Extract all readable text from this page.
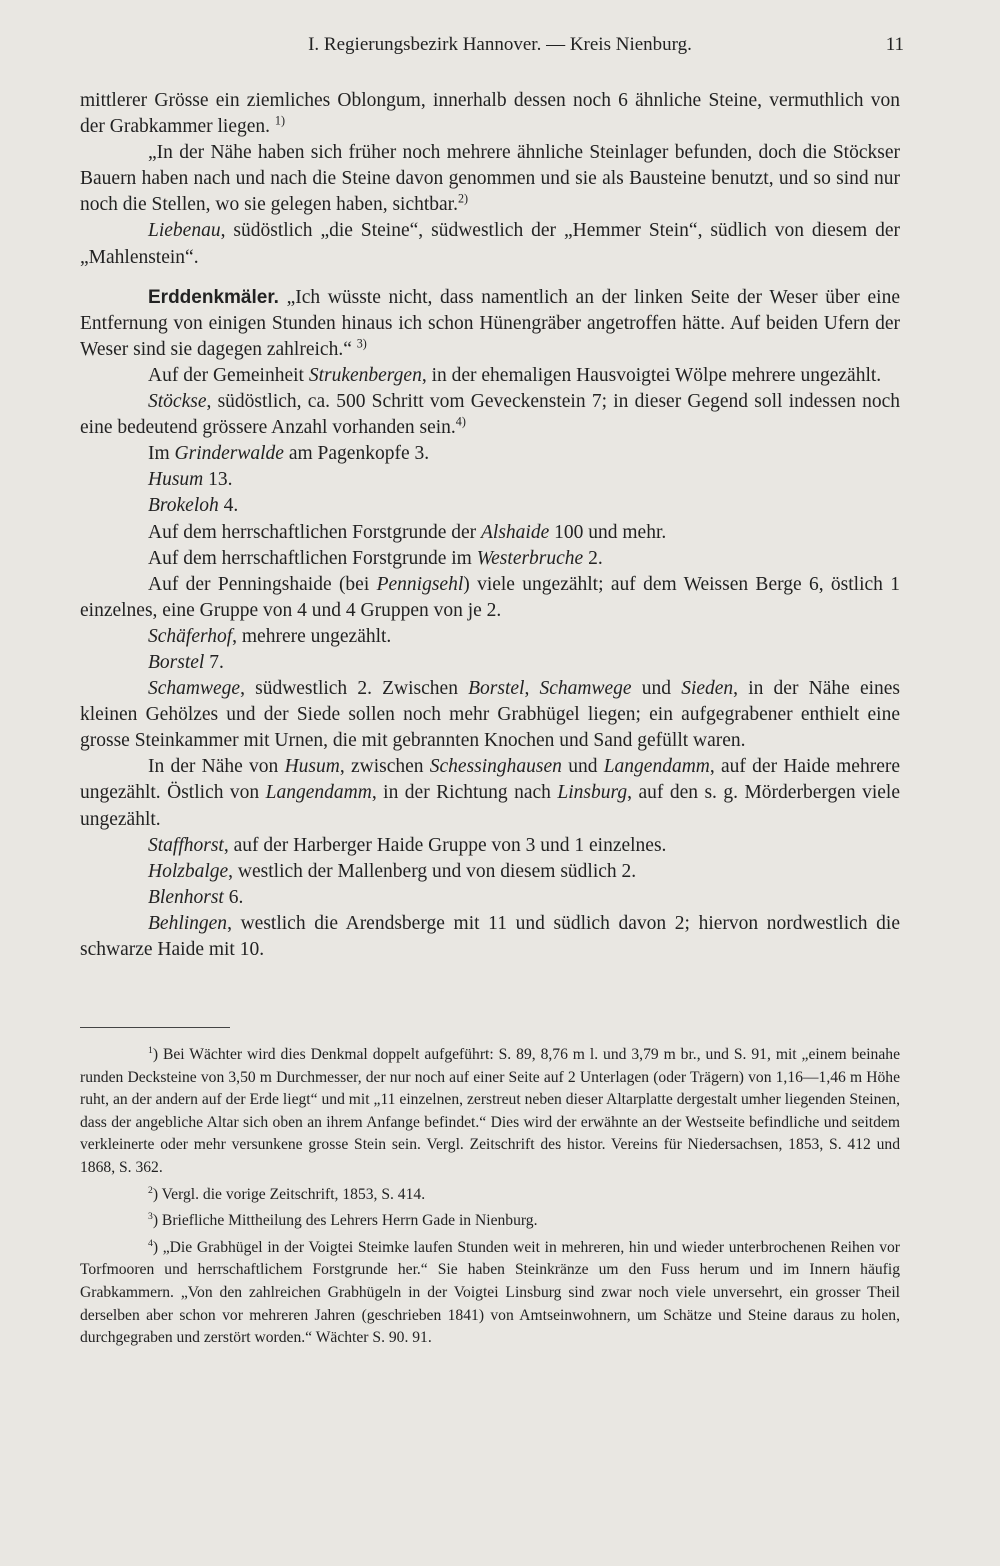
I. Regierungsbezirk Hannover. — Kreis Nienburg.	11

mittlerer Grösse ein ziemliches Oblongum, innerhalb dessen noch 6 ähnliche Steine, vermuthlich von der Grabkammer liegen. $^{1)}$

„In der Nähe haben sich früher noch mehrere ähnliche Steinlager befunden, doch die Stöckser Bauern haben nach und nach die Steine davon genommen und sie als Bausteine benutzt, und so sind nur noch die Stellen, wo sie gelegen haben, sichtbar.$^{2)}$

Liebenau, südöstlich „die Steine“, südwestlich der „Hemmer Stein“, südlich von diesem der „Mahlenstein“.

Erddenkmäler. „Ich wüsste nicht, dass namentlich an der linken Seite der Weser über eine Entfernung von einigen Stunden hinaus ich schon Hünengräber angetroffen hätte. Auf beiden Ufern der Weser sind sie dagegen zahlreich.“ $^{3)}$

Auf der Gemeinheit Strukenbergen, in der ehemaligen Hausvoigtei Wölpe mehrere ungezählt.

Stöckse, südöstlich, ca. 500 Schritt vom Geveckenstein 7; in dieser Gegend soll indessen noch eine bedeutend grössere Anzahl vorhanden sein.$^{4)}$

Im Grinderwalde am Pagenkopfe 3.

Husum 13.

Brokeloh 4.

Auf dem herrschaftlichen Forstgrunde der Alshaide 100 und mehr.

Auf dem herrschaftlichen Forstgrunde im Westerbruche 2.

Auf der Penningshaide (bei Pennigsehl) viele ungezählt; auf dem Weissen Berge 6, östlich 1 einzelnes, eine Gruppe von 4 und 4 Gruppen von je 2.

Schäferhof, mehrere ungezählt.

Borstel 7.

Schamwege, südwestlich 2. Zwischen Borstel, Schamwege und Sieden, in der Nähe eines kleinen Gehölzes und der Siede sollen noch mehr Grabhügel liegen; ein aufgegrabener enthielt eine grosse Steinkammer mit Urnen, die mit gebrannten Knochen und Sand gefüllt waren.

In der Nähe von Husum, zwischen Schessinghausen und Langendamm, auf der Haide mehrere ungezählt. Östlich von Langendamm, in der Richtung nach Linsburg, auf den s. g. Mörderbergen viele ungezählt.

Staffhorst, auf der Harberger Haide Gruppe von 3 und 1 einzelnes.

Holzbalge, westlich der Mallenberg und von diesem südlich 2.

Blenhorst 6.

Behlingen, westlich die Arendsberge mit 11 und südlich davon 2; hiervon nordwestlich die schwarze Haide mit 10.

$^1$) Bei Wächter wird dies Denkmal doppelt aufgeführt: S. 89, 8,76 m l. und 3,79 m br., und S. 91, mit „einem beinahe runden Decksteine von 3,50 m Durchmesser, der nur noch auf einer Seite auf 2 Unterlagen (oder Trägern) von 1,16—1,46 m Höhe ruht, an der andern auf der Erde liegt“ und mit „11 einzelnen, zerstreut neben dieser Altarplatte dergestalt umher liegenden Steinen, dass der angebliche Altar sich oben an ihrem Anfange befindet.“ Dies wird der erwähnte an der Westseite befindliche und seitdem verkleinerte oder mehr versunkene grosse Stein sein. Vergl. Zeitschrift des histor. Vereins für Niedersachsen, 1853, S. 412 und 1868, S. 362.

$^2$) Vergl. die vorige Zeitschrift, 1853, S. 414.

$^3$) Briefliche Mittheilung des Lehrers Herrn Gade in Nienburg.

$^4$) „Die Grabhügel in der Voigtei Steimke laufen Stunden weit in mehreren, hin und wieder unterbrochenen Reihen vor Torfmooren und herrschaftlichem Forstgrunde her.“ Sie haben Steinkränze um den Fuss herum und im Innern häufig Grabkammern. „Von den zahlreichen Grabhügeln in der Voigtei Linsburg sind zwar noch viele unversehrt, ein grosser Theil derselben aber schon vor mehreren Jahren (geschrieben 1841) von Amtseinwohnern, um Schätze und Steine daraus zu holen, durchgegraben und zerstört worden.“ Wächter S. 90. 91.
